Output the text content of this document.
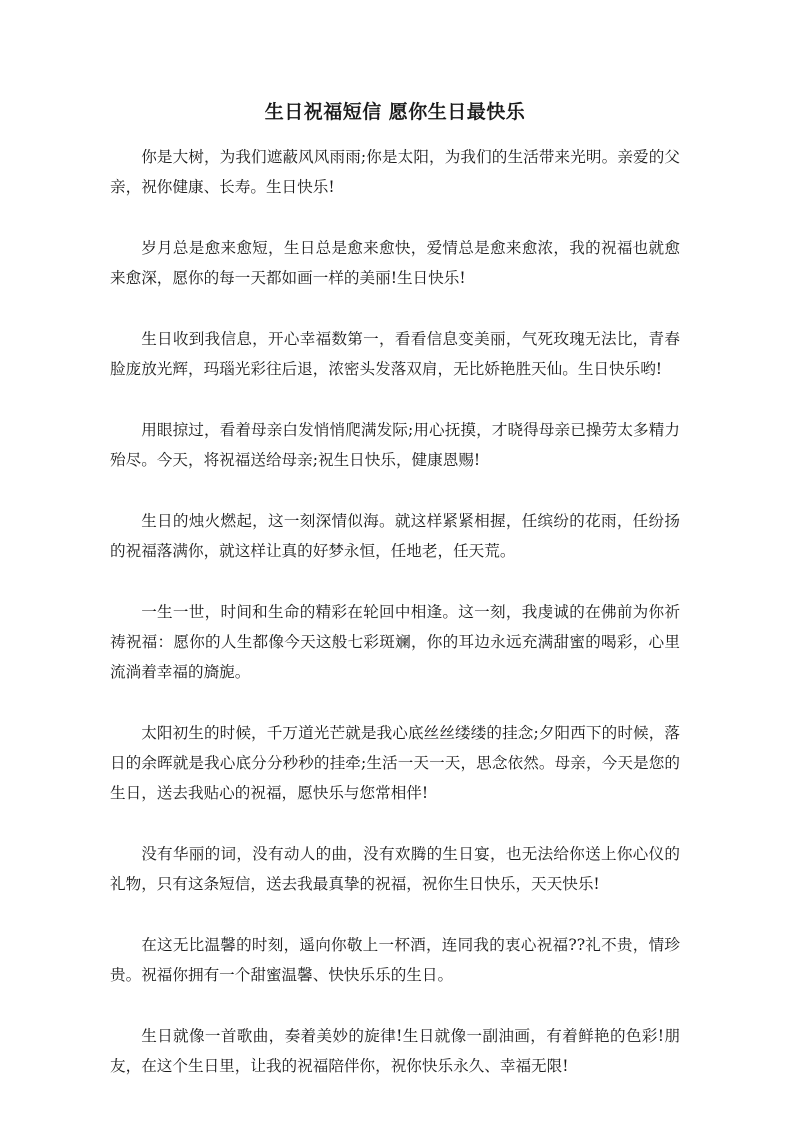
生日祝福短信 愿你生日最快乐

你是大树，为我们遮蔽风风雨雨;你是太阳，为我们的生活带来光明。亲爱的父亲，祝你健康、长寿。生日快乐!

岁月总是愈来愈短，生日总是愈来愈快，爱情总是愈来愈浓，我的祝福也就愈来愈深，愿你的每一天都如画一样的美丽!生日快乐!

生日收到我信息，开心幸福数第一，看看信息变美丽，气死玫瑰无法比，青春脸庞放光辉，玛瑙光彩往后退，浓密头发落双肩，无比娇艳胜天仙。生日快乐哟!

用眼掠过，看着母亲白发悄悄爬满发际;用心抚摸，才晓得母亲已操劳太多精力殆尽。今天，将祝福送给母亲;祝生日快乐，健康恩赐!

生日的烛火燃起，这一刻深情似海。就这样紧紧相握，任缤纷的花雨，任纷扬的祝福落满你，就这样让真的好梦永恒，任地老，任天荒。

一生一世，时间和生命的精彩在轮回中相逢。这一刻，我虔诚的在佛前为你祈祷祝福：愿你的人生都像今天这般七彩斑斓，你的耳边永远充满甜蜜的喝彩，心里流淌着幸福的旖旎。

太阳初生的时候，千万道光芒就是我心底丝丝缕缕的挂念;夕阳西下的时候，落日的余晖就是我心底分分秒秒的挂牵;生活一天一天，思念依然。母亲，今天是您的生日，送去我贴心的祝福，愿快乐与您常相伴!

没有华丽的词，没有动人的曲，没有欢腾的生日宴，也无法给你送上你心仪的礼物，只有这条短信，送去我最真挚的祝福，祝你生日快乐，天天快乐!

在这无比温馨的时刻，遥向你敬上一杯酒，连同我的衷心祝福??礼不贵，情珍贵。祝福你拥有一个甜蜜温馨、快快乐乐的生日。

生日就像一首歌曲，奏着美妙的旋律!生日就像一副油画，有着鲜艳的色彩!朋友，在这个生日里，让我的祝福陪伴你，祝你快乐永久、幸福无限!
